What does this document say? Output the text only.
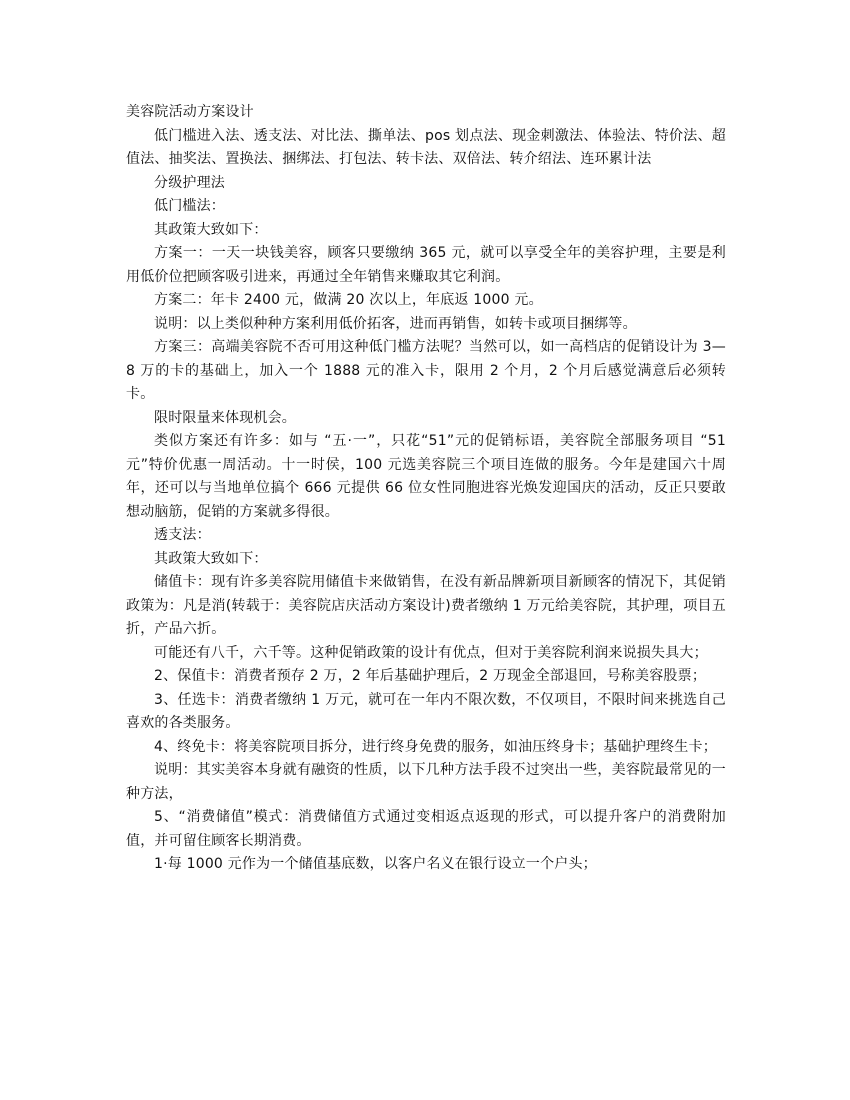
美容院活动方案设计

低门槛进入法、透支法、对比法、撕单法、pos 划点法、现金刺激法、体验法、特价法、超值法、抽奖法、置换法、捆绑法、打包法、转卡法、双倍法、转介绍法、连环累计法

分级护理法

低门槛法：

其政策大致如下：

方案一：一天一块钱美容，顾客只要缴纳 365 元，就可以享受全年的美容护理，主要是利用低价位把顾客吸引进来，再通过全年销售来赚取其它利润。

方案二：年卡 2400 元，做满 20 次以上，年底返 1000 元。

说明：以上类似种种方案利用低价拓客，进而再销售，如转卡或项目捆绑等。

方案三：高端美容院不否可用这种低门槛方法呢？当然可以，如一高档店的促销设计为 3—8 万的卡的基础上，加入一个 1888 元的准入卡，限用 2 个月，2 个月后感觉满意后必须转卡。

限时限量来体现机会。

类似方案还有许多：如与 “五·一”，只花“51”元的促销标语，美容院全部服务项目 “51 元”特价优惠一周活动。十一时侯，100 元选美容院三个项目连做的服务。今年是建国六十周年，还可以与当地单位搞个 666 元提供 66 位女性同胞进容光焕发迎国庆的活动，反正只要敢想动脑筋，促销的方案就多得很。

透支法：

其政策大致如下：

储值卡：现有许多美容院用储值卡来做销售，在没有新品牌新项目新顾客的情况下，其促销政策为：凡是消(转载于：美容院店庆活动方案设计)费者缴纳 1 万元给美容院，其护理，项目五折，产品六折。

可能还有八千，六千等。这种促销政策的设计有优点，但对于美容院利润来说损失具大；

2、保值卡：消费者预存 2 万，2 年后基础护理后，2 万现金全部退回，号称美容股票；

3、任选卡：消费者缴纳 1 万元，就可在一年内不限次数，不仅项目，不限时间来挑选自己喜欢的各类服务。

4、终免卡：将美容院项目拆分，进行终身免费的服务，如油压终身卡；基础护理终生卡；

说明：其实美容本身就有融资的性质，以下几种方法手段不过突出一些，美容院最常见的一种方法，

5、“消费储值”模式：消费储值方式通过变相返点返现的形式，可以提升客户的消费附加值，并可留住顾客长期消费。

1·每 1000 元作为一个储值基底数，以客户名义在银行设立一个户头；
